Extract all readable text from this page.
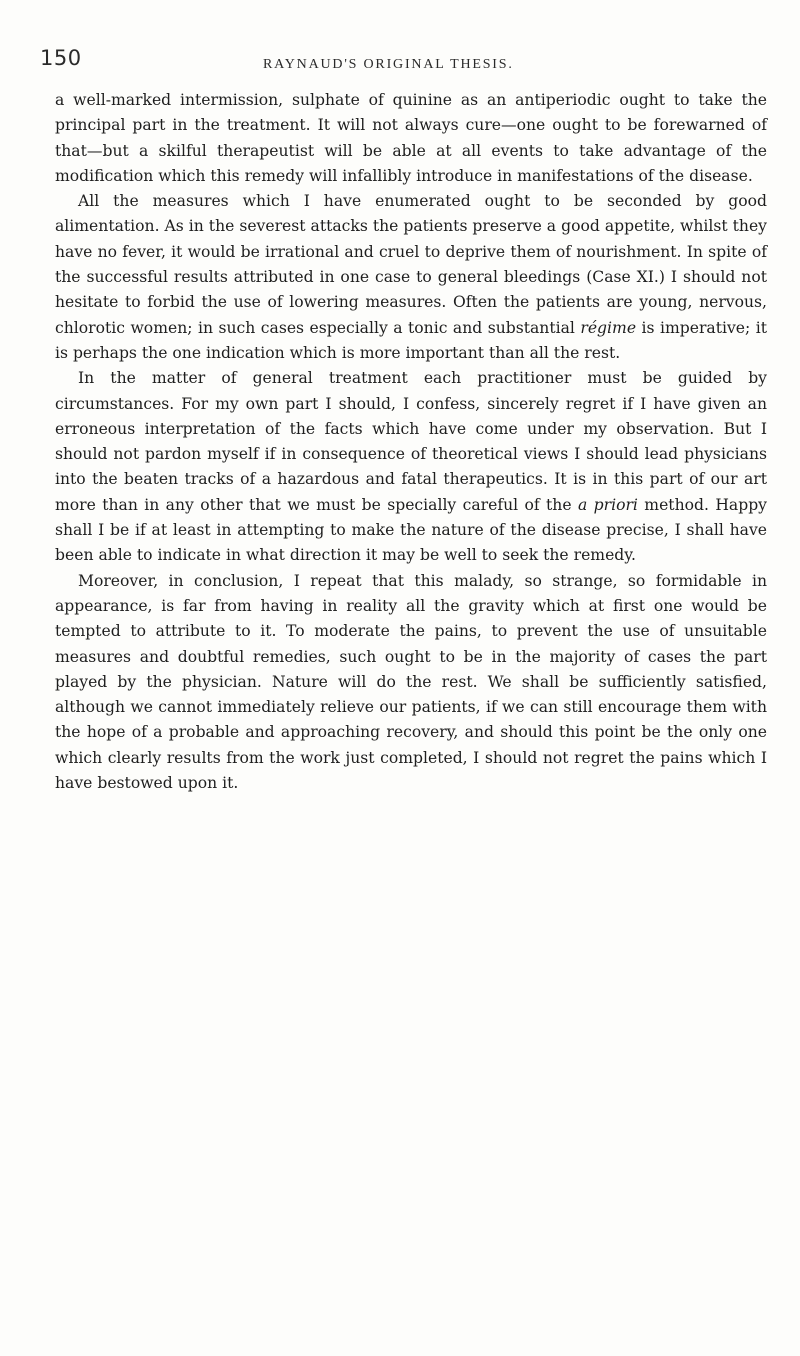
150	RAYNAUD'S ORIGINAL THESIS.

a well-marked intermission, sulphate of quinine as an antiperiodic ought to take the principal part in the treatment. It will not always cure—one ought to be forewarned of that—but a skilful therapeutist will be able at all events to take advantage of the modification which this remedy will infallibly introduce in manifestations of the disease.

All the measures which I have enumerated ought to be seconded by good alimentation. As in the severest attacks the patients preserve a good appetite, whilst they have no fever, it would be irrational and cruel to deprive them of nourishment. In spite of the successful results attributed in one case to general bleedings (Case XI.) I should not hesitate to forbid the use of lowering measures. Often the patients are young, nervous, chlorotic women; in such cases especially a tonic and substantial régime is imperative; it is perhaps the one indication which is more important than all the rest.

In the matter of general treatment each practitioner must be guided by circumstances. For my own part I should, I confess, sincerely regret if I have given an erroneous interpretation of the facts which have come under my observation. But I should not pardon myself if in consequence of theoretical views I should lead physicians into the beaten tracks of a hazardous and fatal therapeutics. It is in this part of our art more than in any other that we must be specially careful of the a priori method. Happy shall I be if at least in attempting to make the nature of the disease precise, I shall have been able to indicate in what direction it may be well to seek the remedy.

Moreover, in conclusion, I repeat that this malady, so strange, so formidable in appearance, is far from having in reality all the gravity which at first one would be tempted to attribute to it. To moderate the pains, to prevent the use of unsuitable measures and doubtful remedies, such ought to be in the majority of cases the part played by the physician. Nature will do the rest. We shall be sufficiently satisfied, although we cannot immediately relieve our patients, if we can still encourage them with the hope of a probable and approaching recovery, and should this point be the only one which clearly results from the work just completed, I should not regret the pains which I have bestowed upon it.
